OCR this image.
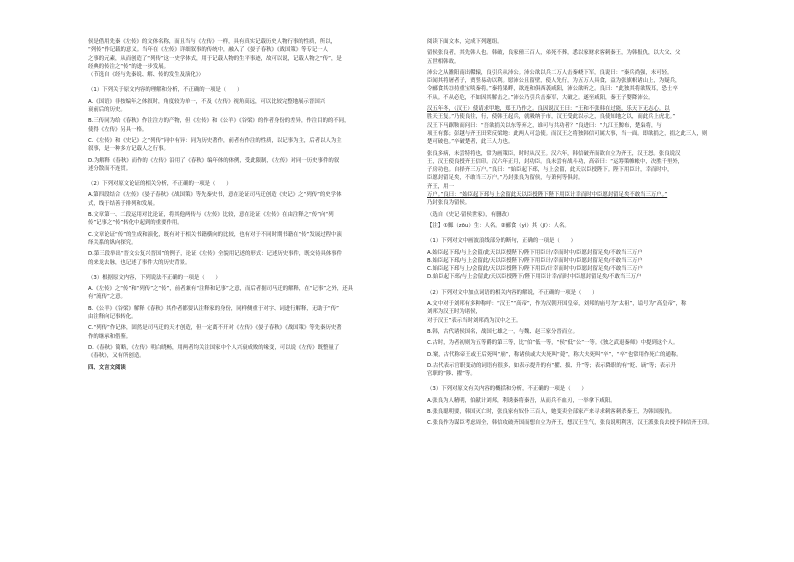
侯是借用先秦《左传》的文体名称，而且当与《左传》一样，具有真实记载历史人物行事的性质，所以，
“列传”作记载的意义。当年在《左传》详细叙事的传统中，融入了《晏子春秋》《战国策》等专记一人
之事的元素，从而创造了“列传”这一史学体式，用于记载人物的生平事迹，故可以说，记载人物之“传”，是
经典的传注之“传”的进一步发展。
（节选自《经与先秦说、解、传的发生及演化》）
（1）下列关于原文内容的理解和分析，不正确的一项是（　　）
A.《国语》非按编年之体叙时，角度较为单一，不及《左传》视角高远，可以比较完整地展示晋国兴
衰前后的历史。
B.三传同为给《春秋》作注注方的产物，但《左传》和《公羊》《谷梁》的作者身份的差异，作注目的的不同，
使得《左传》另具一格。
C.《左传》和《史记》之“列传”同中有异：同为历史著作，前者有作注的性质，以记事为主，后者以人为主
叙事，是一种多方记载人之行事。
D.为解释《春秋》而作的《左传》沿用了《春秋》编年体的体例，受此限制，《左传》对同一历史事件的叙
述分散而不连贯。
（2）下列对原文论证的相关分析，不正确的一项是（　　）
A.第四段结合《左传》《晏子春秋》《战国策》等先秦史书，意在论证司马迁创造《史记》之“列传”的史学体
式，线于结善于排列和发展。
B.文章第一、二段运用对比论证，将其他两传与《左传》比较，意在论证《左传》在由注释之“传”向“列
传”记事之“传”转化中起到的重要作用。
C.文章论证“传”的生成和演化，既有对于相关书籍横向的比较，也有对于不同时期书籍在“传”发展过程中演
绎关系的纵向探究。
D.第三段举出“晋文公复兴晋国”的例子，论证《左传》全貌用记述的形式：记述历史事件，既交待具体事件
的来龙去脉，也记述了事件大的历史背景。
（3）根据原文内容，下列说法不正确的一项是（　　）
A.《左传》之“传”和“列传”之“传”，前者兼有“注释和记事”之意，而后者据司马迁的解释，在“记事”之外，还具
有“流传”之意。
B.《公羊》《谷梁》解释《春秋》其作者都要认注释家的身份，同样侧重于对字、词进行解释，无助于“传”
由注释向记事转化。
C.“列传”作记体，固然是司马迁的天才创造，但一定离不开对《左传》《晏子春秋》《战国策》等先秦历史著
作的继承和借鉴。
D.《春秋》简略，《左传》明白晓畅，用两者均关注国家中个人兴衰成败的缘变，可以说《左传》既整量了
《春秋》，又有所创造。
四、文言文阅读
阅读下面文本，完成下列题组。
留侯张良者，其先韩人也。韩破，良家僮三百人，弟死不葬，悉以家财求客刺秦王，为韩报仇，以大父、父
五世相韩故。
沛公之从雒阳南出轘辕，良引兵从沛公。沛公欲以兵二万人击秦峣下军，良说曰：“秦兵尚强，未可轻。
臣闻其将屠者子，贾竖易动以利。愿沛公且留壁，使人先行，为五万人具食，益为张旗帜诸山上，为疑兵，
令郦食其㉑持重宝啖秦将。”秦将果畔，欲连和俱西袭咸阳，沛公欲听之。良曰：“此独其将欲叛耳，恐士卒
不从。不从必危，不如因其解击之。”沛公乃引兵击秦军，大破之。遂至咸阳，秦王子婴降沛公。
汉五年冬，（汉王）使请求甲地，郑王乃作之。良因说汉王曰：“王和不张韩在过能，乐天下无志心。以
胜天王复。”乃使良往，行，使韩王起兵，就吸纳于市，汉王受此以示之，良使知地之以，而此兵上虎北。”
汉王下马踞鞍而问曰：“吾欲捐关以东等弃之，谁可与共功者？”良进曰：“九江王黥布，楚枭将，与
项王有郄；彭越与齐王田荣反梁地：此两人可急使。而汉王之将独韩信可属大事，当一面。即欲捐之，捐之此三人，则
楚可破也。”卒破楚者，此三人力也。
张良多病，未尝特将也，常为画策臣，时时从汉王。汉六年，韩信破齐而欲自立为齐王，汉王怒。张良说汉
王，汉王使良授齐王信印。汉六年正月，封功臣。良未尝有战斗功，高帝曰：“运筹策帷帐中，决胜千里外，
子房功也。自择齐三万户。”良曰：“始臣起下邳，与上会留，此天以臣授陛下。陛下用臣计，幸而时中，
臣愿封留足矣，不敢当三万户。”乃封张良为留侯，与萧何等俱封。
齐王，用一
万户。”良曰：“始臣起下邳与上会留此天以臣授陛下陛下用臣计幸而时中臣愿封留足矣不敢当三万户。”
乃封张良为留侯。
（选自《史记·留侯世家》，有删改）
【注】①鮿（zōu）生：人名。②郦食（yì）其（jī）：人名。
（1）下列对文中画波浪线部分的断句，正确的一项是（　　）
A.始臣起下邳/与上会留/此天以臣授陛下/陛下用臣计/幸而时中/臣愿封留足矣/不敢当三万户
B.始臣起下邳/与上会留此/天以臣授陛下/陛下用臣计/幸而时中/臣愿封留足矣/不敢当三万户
C.始臣起下邳与上/会留此/天以臣授陛下/陛下用臣/计幸而时中/臣愿封留足矣/不敢当三万户
D.始臣起下邳/与上会留此/天以臣授陛下/陛下用臣计幸/而时中臣愿封留足矣/不敢当三万户
（2）下列对文中加点词语的相关内容的解说，不正确的一项是（　　）
A.文中对于刘邦有多种称呼：“汉王”“高帝”，作为汉朝开国皇帝，刘邦的庙号为“太祖”，谥号为“高皇帝”，称
刘邦为汉王时为诸侯，
对于汉王”表示当时刘邦尚为汉中之王。
B.韩，古代诸侯国名，战国七雄之一，与魏、赵三家分晋而立。
C.古时，为者初则为五等爵的第三等，比“伯”低一等，“侯”低“公”一等。《独之武退秦师》中提到这个人。
D.窠，古代称帝王或王后死叫“崩”，称诸侯或大夫死叫“薨”，称大夫死叫“卒”，“卒”也常用作死亡的通称。
D.古代表示官职变动的词语有很多，如表示提升的有“擢、拔、升”等；表示降职的有“贬、谪”等；表示升
官职的“陟、擢”等。
（3）下列对原文有关内容的概括和分析，不正确的一项是（　　）
A.张良为人精明，伯献计刘邦，利诱秦将秦吾，从而兵不血刃，一举拿下咸阳。
B.张良聪明要，韩国灭亡时，张良家有奴仆三百人，她变卖全部家产来寻求刺客刺杀秦王，为韩国报仇。
C.张良作为谋臣考虑周全，韩信攻破齐国而想自立为齐王，想汉王生气，张良说明利害，汉王派张良去授予韩信齐王印。
